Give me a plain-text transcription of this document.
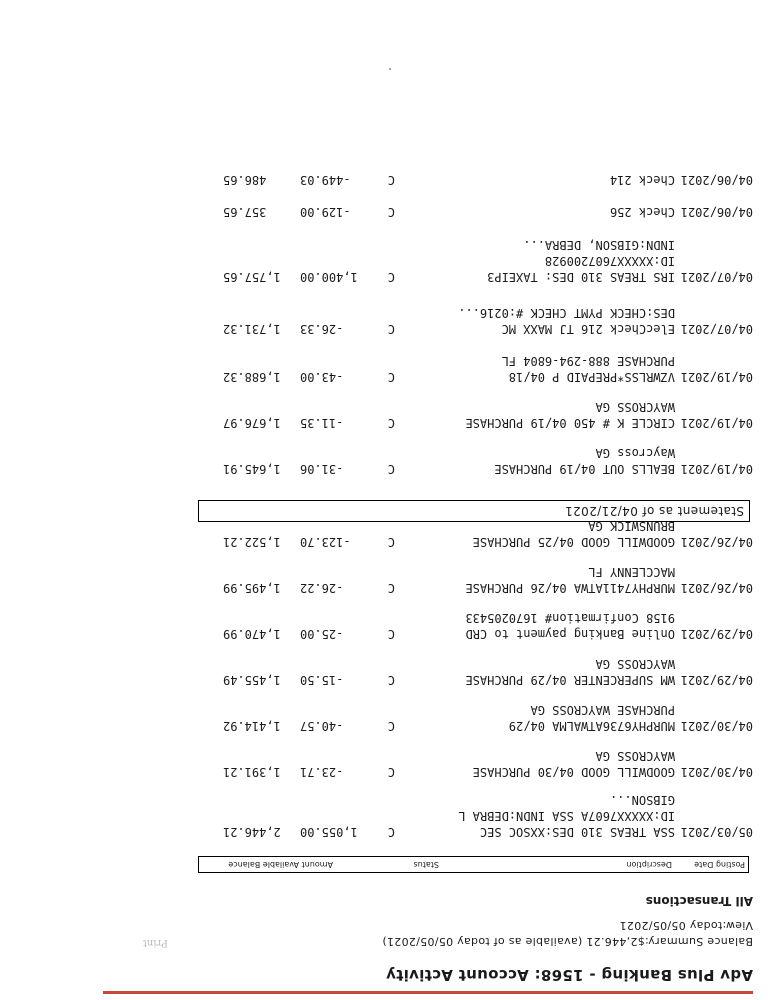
Adv Plus Banking - 1568: Account Activity
Print	Balance Summary:$2,446.21 (available as of today 05/05/2021)
View:today 05/05/2021
All Transactions
Posting Date
Description
Status
Amount Available Balance
05/03/2021
SSA TREAS 310 DES:XXSOC SEC
ID:XXXXX7607A SSA INDN:DEBRA L
GIBSON...
C
1,055.00
2,446.21
04/30/2021
GOODWILL GOOD 04/30 PURCHASE
WAYCROSS GA
C
-23.71
1,391.21
04/30/2021
MURPHY6736ATWALMA 04/29
PURCHASE WAYCROSS GA
C
-40.57
1,414.92
04/29/2021
WM SUPERCENTER 04/29 PURCHASE
WAYCROSS GA
C
-15.50
1,455.49
04/29/2021
Online Banking payment to CRD
9158 Confirmation# 1670205433
C
-25.00
1,470.99
04/26/2021
MURPHY7411ATWA 04/26 PURCHASE
MACCLENNY FL
C
-26.22
1,495.99
04/26/2021
GOODWILL GOOD 04/25 PURCHASE
BRUNSWICK GA
C
-123.70
1,522.21
Statement as of 04/21/2021
04/19/2021
BEALLS OUT 04/19 PURCHASE
Waycross GA
C
-31.06
1,645.91
04/19/2021
CIRCLE K # 450 04/19 PURCHASE
WAYCROSS GA
C
-11.35
1,676.97
04/19/2021
VZWRLSS*PREPAID P 04/18
PURCHASE 888-294-6804 FL
C
-43.00
1,688.32
04/07/2021
ElecCheck 216 TJ MAXX MC
DES:CHECK PYMT CHECK #:0216...
C
-26.33
1,731.32
04/07/2021
IRS TREAS 310 DES: TAXEIP3
ID:XXXXX7607200928
INDN:GIBSON, DEBRA...
C
1,400.00
1,757.65
04/06/2021
Check 256
C
-129.00
357.65
04/06/2021
Check 214
C
-449.03
486.65
